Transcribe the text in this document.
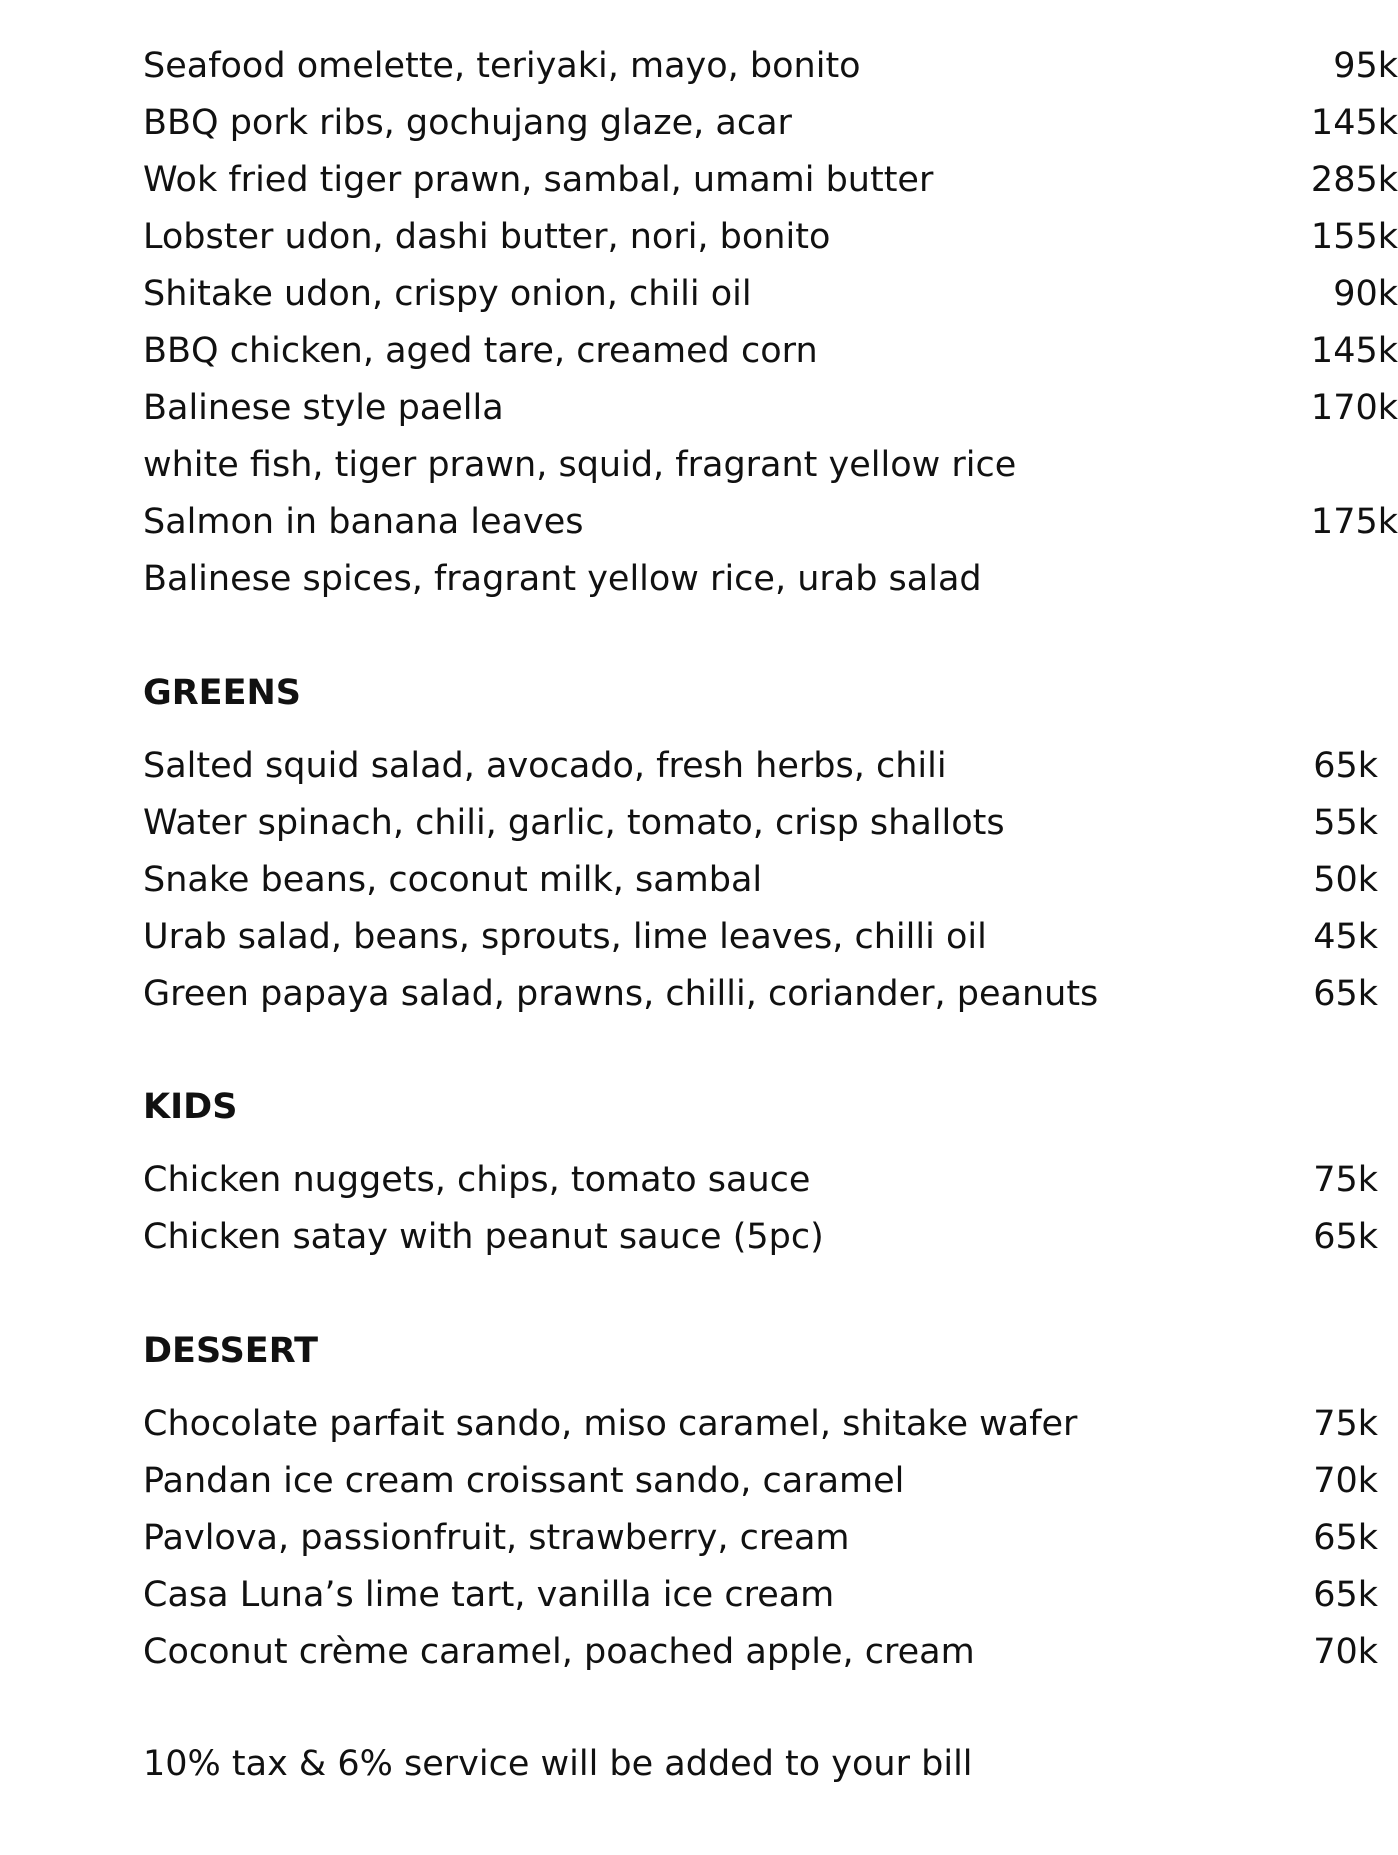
Seafood omelette, teriyaki, mayo, bonito	95k
BBQ pork ribs, gochujang glaze, acar	145k
Wok fried tiger prawn, sambal, umami butter	285k
Lobster udon, dashi butter, nori, bonito	155k
Shitake udon, crispy onion, chili oil	90k
BBQ chicken, aged tare, creamed corn	145k
Balinese style paella	170k
white fish, tiger prawn, squid, fragrant yellow rice
Salmon in banana leaves	175k
Balinese spices, fragrant yellow rice, urab salad
GREENS
Salted squid salad, avocado, fresh herbs, chili	65k
Water spinach, chili, garlic, tomato, crisp shallots	55k
Snake beans, coconut milk, sambal	50k
Urab salad, beans, sprouts, lime leaves, chilli oil	45k
Green papaya salad, prawns, chilli, coriander, peanuts	65k
KIDS
Chicken nuggets, chips, tomato sauce	75k
Chicken satay with peanut sauce (5pc)	65k
DESSERT
Chocolate parfait sando, miso caramel, shitake wafer	75k
Pandan ice cream croissant sando, caramel	70k
Pavlova, passionfruit, strawberry, cream	65k
Casa Luna’s lime tart, vanilla ice cream	65k
Coconut crème caramel, poached apple, cream	70k
10% tax & 6% service will be added to your bill
